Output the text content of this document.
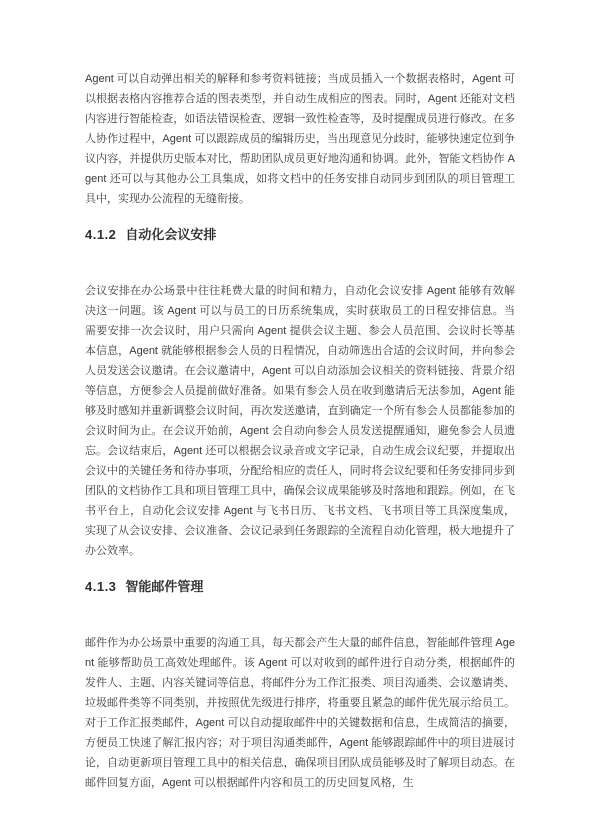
Agent 可以自动弹出相关的解释和参考资料链接；当成员插入一个数据表格时，Agent 可以根据表格内容推荐合适的图表类型，并自动生成相应的图表。同时，Agent 还能对文档内容进行智能检查，如语法错误检查、逻辑一致性检查等，及时提醒成员进行修改。在多人协作过程中，Agent 可以跟踪成员的编辑历史，当出现意见分歧时，能够快速定位到争议内容，并提供历史版本对比，帮助团队成员更好地沟通和协调。此外，智能文档协作 Agent 还可以与其他办公工具集成，如将文档中的任务安排自动同步到团队的项目管理工具中，实现办公流程的无缝衔接。

4.1.2 自动化会议安排

会议安排在办公场景中往往耗费大量的时间和精力，自动化会议安排 Agent 能够有效解决这一问题。该 Agent 可以与员工的日历系统集成，实时获取员工的日程安排信息。当需要安排一次会议时，用户只需向 Agent 提供会议主题、参会人员范围、会议时长等基本信息，Agent 就能够根据参会人员的日程情况，自动筛选出合适的会议时间，并向参会人员发送会议邀请。在会议邀请中，Agent 可以自动添加会议相关的资料链接、背景介绍等信息，方便参会人员提前做好准备。如果有参会人员在收到邀请后无法参加，Agent 能够及时感知并重新调整会议时间，再次发送邀请，直到确定一个所有参会人员都能参加的会议时间为止。在会议开始前，Agent 会自动向参会人员发送提醒通知，避免参会人员遗忘。会议结束后，Agent 还可以根据会议录音或文字记录，自动生成会议纪要，并提取出会议中的关键任务和待办事项，分配给相应的责任人，同时将会议纪要和任务安排同步到团队的文档协作工具和项目管理工具中，确保会议成果能够及时落地和跟踪。例如，在飞书平台上，自动化会议安排 Agent 与飞书日历、飞书文档、飞书项目等工具深度集成，实现了从会议安排、会议准备、会议记录到任务跟踪的全流程自动化管理，极大地提升了办公效率。

4.1.3 智能邮件管理

邮件作为办公场景中重要的沟通工具，每天都会产生大量的邮件信息，智能邮件管理 Agent 能够帮助员工高效处理邮件。该 Agent 可以对收到的邮件进行自动分类，根据邮件的发件人、主题、内容关键词等信息，将邮件分为工作汇报类、项目沟通类、会议邀请类、垃圾邮件类等不同类别，并按照优先级进行排序，将重要且紧急的邮件优先展示给员工。对于工作汇报类邮件，Agent 可以自动提取邮件中的关键数据和信息，生成简洁的摘要，方便员工快速了解汇报内容；对于项目沟通类邮件，Agent 能够跟踪邮件中的项目进展讨论，自动更新项目管理工具中的相关信息，确保项目团队成员能够及时了解项目动态。在邮件回复方面，Agent 可以根据邮件内容和员工的历史回复风格，生
